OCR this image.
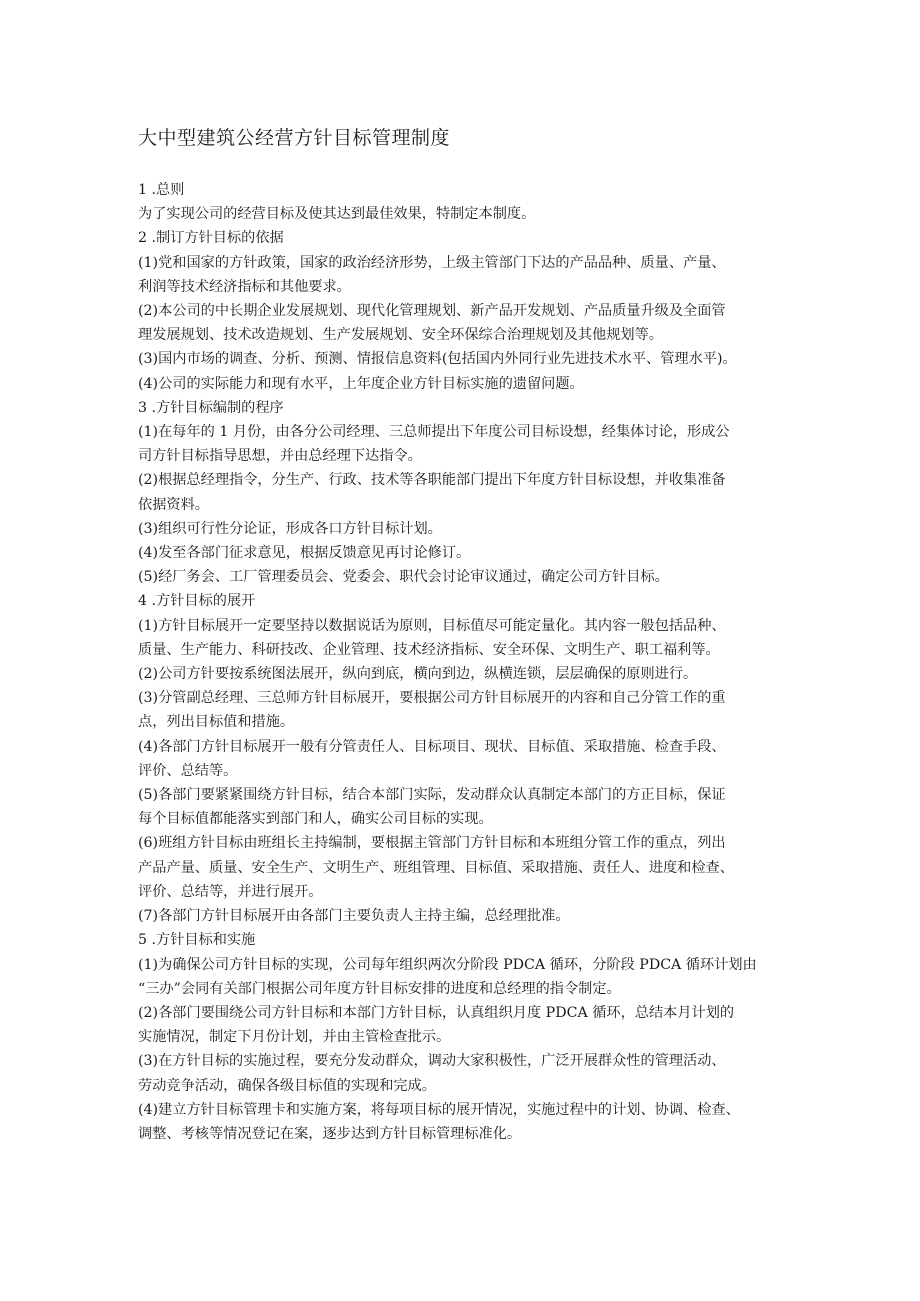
大中型建筑公经营方针目标管理制度

1 .总则

为了实现公司的经营目标及使其达到最佳效果，特制定本制度。

2 .制订方针目标的依据

(1)党和国家的方针政策，国家的政治经济形势，上级主管部门下达的产品品种、质量、产量、

利润等技术经济指标和其他要求。

(2)本公司的中长期企业发展规划、现代化管理规划、新产品开发规划、产品质量升级及全面管

理发展规划、技术改造规划、生产发展规划、安全环保综合治理规划及其他规划等。

(3)国内市场的调查、分析、预测、情报信息资料(包括国内外同行业先进技术水平、管理水平)。

(4)公司的实际能力和现有水平，上年度企业方针目标实施的遗留问题。

3 .方针目标编制的程序

(1)在每年的 1 月份，由各分公司经理、三总师提出下年度公司目标设想，经集体讨论，形成公

司方针目标指导思想，并由总经理下达指令。

(2)根据总经理指令，分生产、行政、技术等各职能部门提出下年度方针目标设想，并收集准备

依据资料。

(3)组织可行性分论证，形成各口方针目标计划。

(4)发至各部门征求意见，根据反馈意见再讨论修订。

(5)经厂务会、工厂管理委员会、党委会、职代会讨论审议通过，确定公司方针目标。

4 .方针目标的展开

(1)方针目标展开一定要坚持以数据说话为原则，目标值尽可能定量化。其内容一般包括品种、

质量、生产能力、科研技改、企业管理、技术经济指标、安全环保、文明生产、职工福利等。

(2)公司方针要按系统图法展开，纵向到底，横向到边，纵横连锁，层层确保的原则进行。

(3)分管副总经理、三总师方针目标展开，要根据公司方针目标展开的内容和自己分管工作的重

点，列出目标值和措施。

(4)各部门方针目标展开一般有分管责任人、目标项目、现状、目标值、采取措施、检查手段、

评价、总结等。

(5)各部门要紧紧围绕方针目标，结合本部门实际，发动群众认真制定本部门的方正目标，保证

每个目标值都能落实到部门和人，确实公司目标的实现。

(6)班组方针目标由班组长主持编制，要根据主管部门方针目标和本班组分管工作的重点，列出

产品产量、质量、安全生产、文明生产、班组管理、目标值、采取措施、责任人、进度和检查、

评价、总结等，并进行展开。

(7)各部门方针目标展开由各部门主要负责人主持主编，总经理批准。

5 .方针目标和实施

(1)为确保公司方针目标的实现，公司每年组织两次分阶段 PDCA 循环，分阶段 PDCA 循环计划由

“三办”会同有关部门根据公司年度方针目标安排的进度和总经理的指令制定。

(2)各部门要围绕公司方针目标和本部门方针目标，认真组织月度 PDCA 循环，总结本月计划的

实施情况，制定下月份计划，并由主管检查批示。

(3)在方针目标的实施过程，要充分发动群众，调动大家积极性，广泛开展群众性的管理活动、

劳动竞争活动，确保各级目标值的实现和完成。

(4)建立方针目标管理卡和实施方案，将每项目标的展开情况，实施过程中的计划、协调、检查、

调整、考核等情况登记在案，逐步达到方针目标管理标准化。
